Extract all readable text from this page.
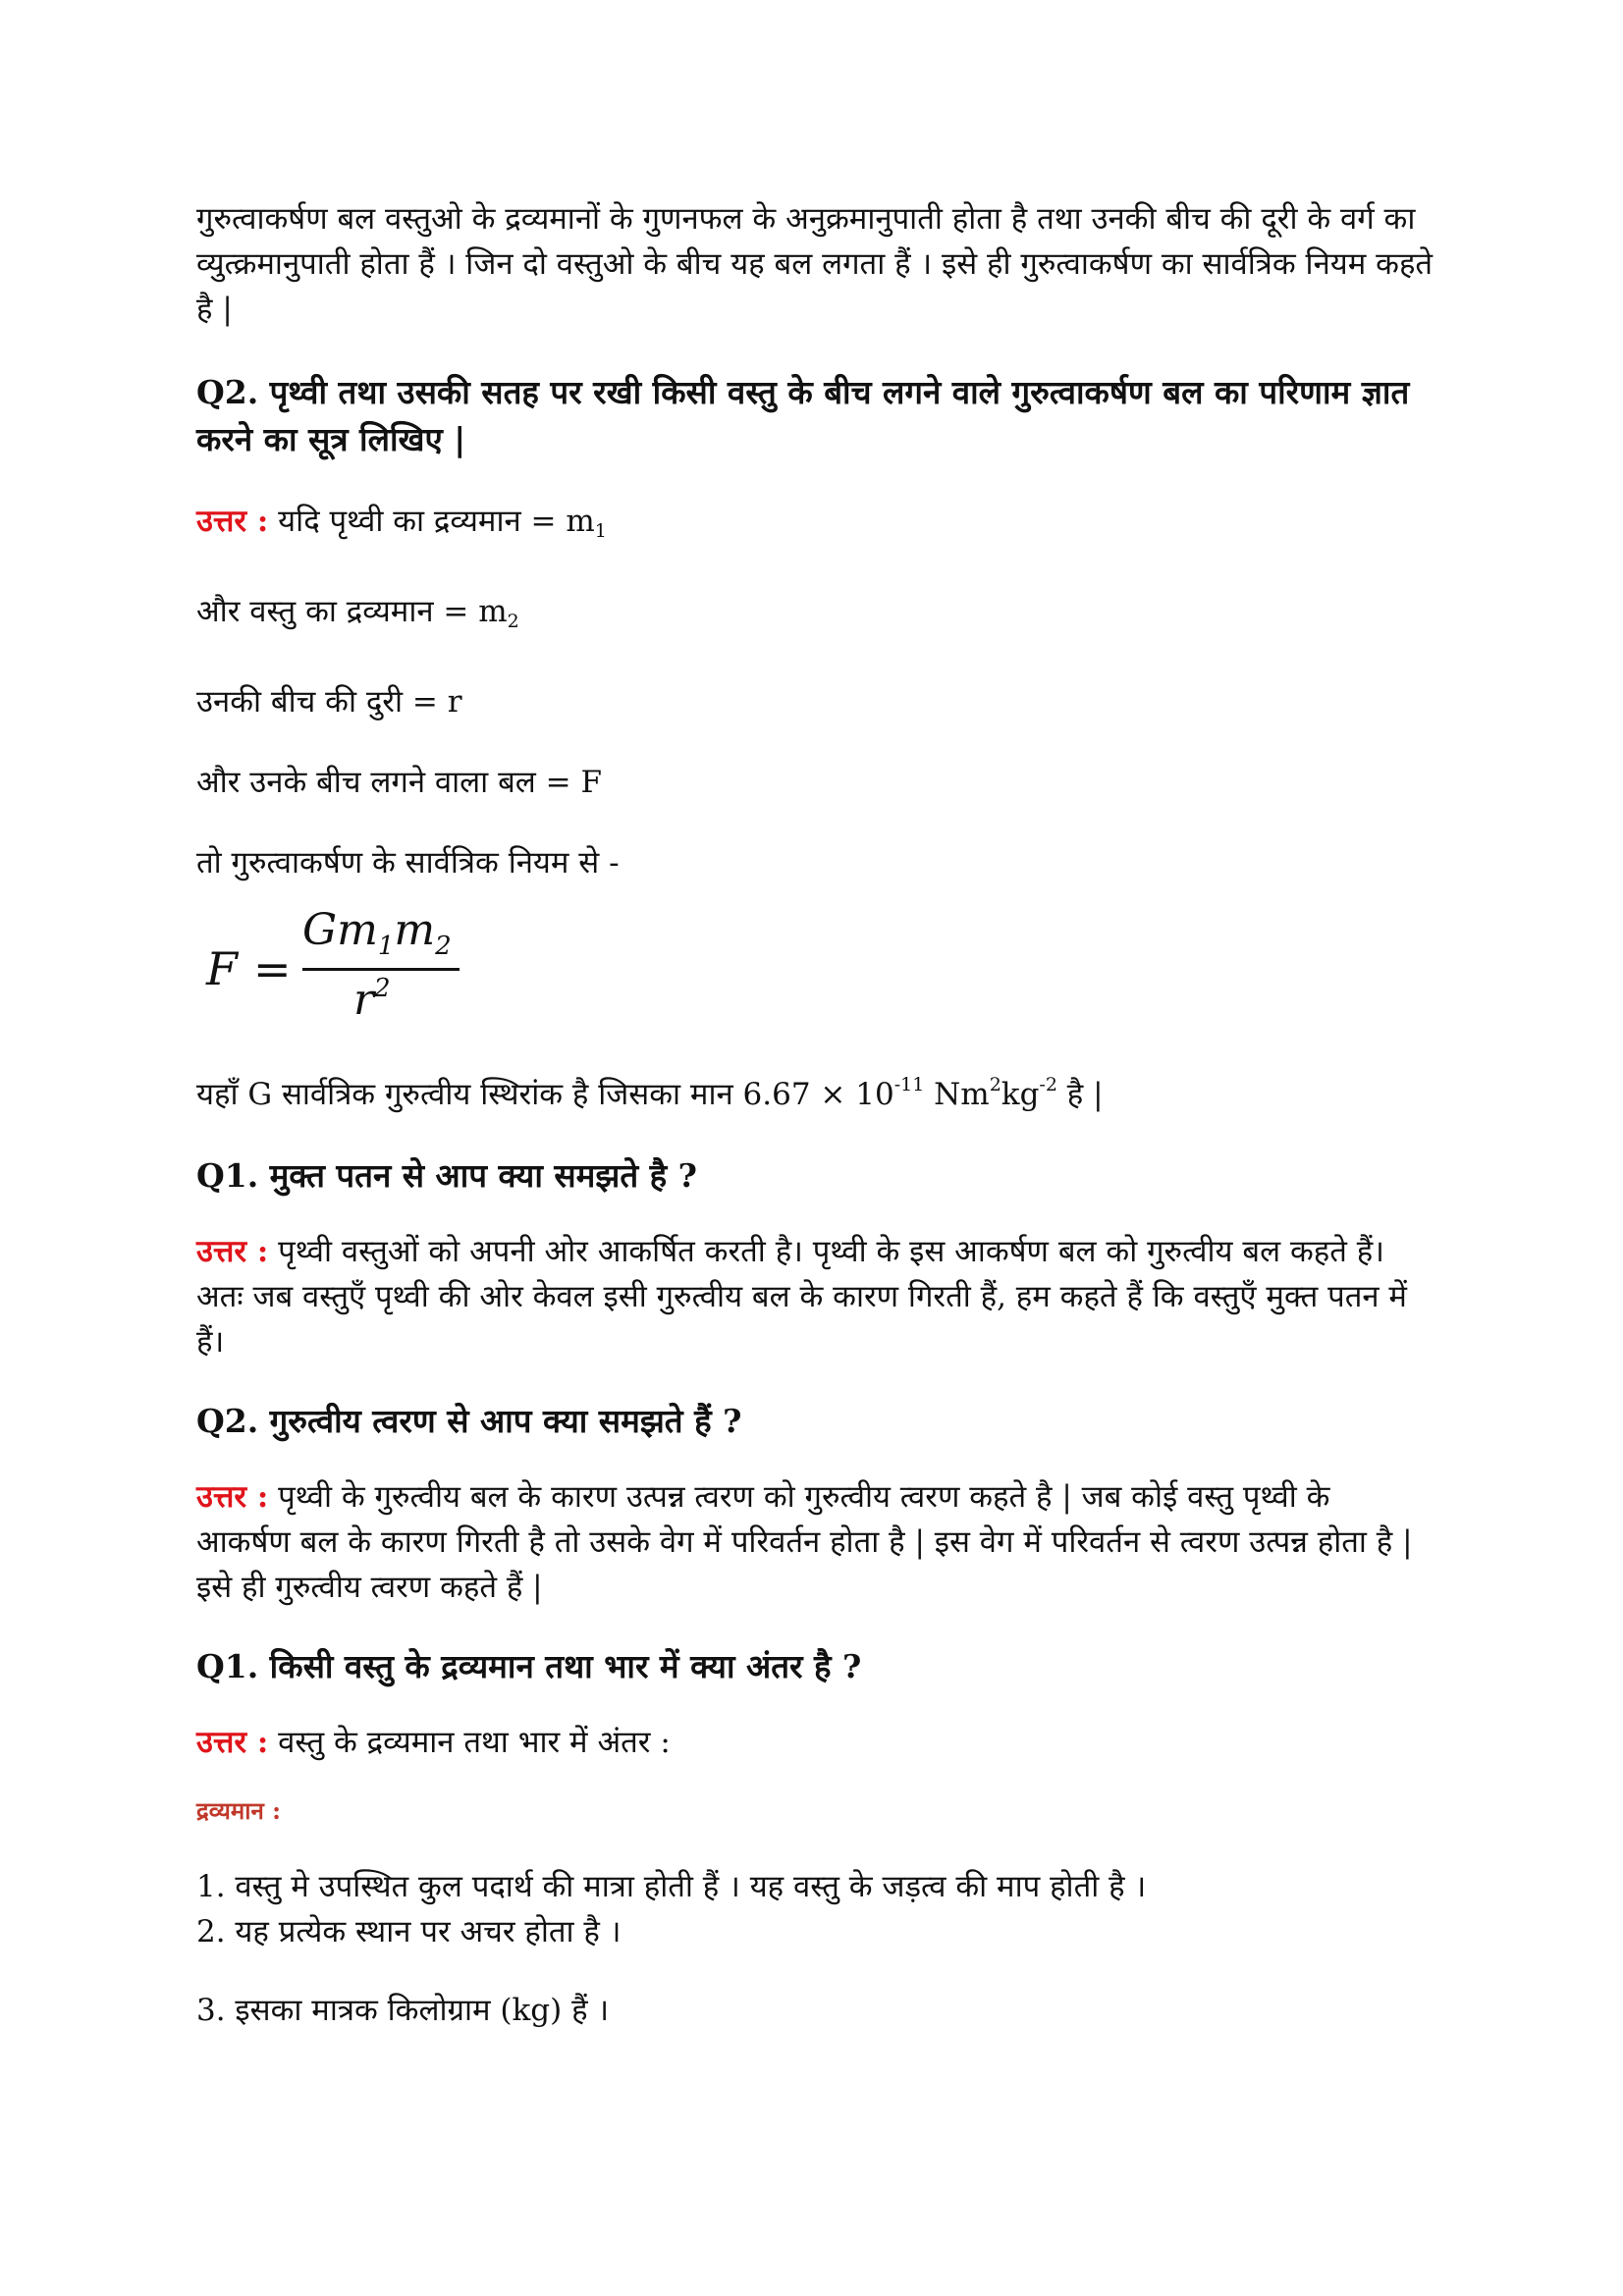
गुरुत्वाकर्षण बल वस्तुओ के द्रव्यमानों के गुणनफल के अनुक्रमानुपाती होता है तथा उनकी बीच की दूरी के वर्ग का व्युत्क्रमानुपाती होता हैं । जिन दो वस्तुओ के बीच यह बल लगता हैं । इसे ही गुरुत्वाकर्षण का सार्वत्रिक नियम कहते है |

Q2. पृथ्वी तथा उसकी सतह पर रखी किसी वस्तु के बीच लगने वाले गुरुत्वाकर्षण बल का परिणाम ज्ञात करने का सूत्र लिखिए |

उत्तर : यदि पृथ्वी का द्रव्यमान = $m_1$

और वस्तु का द्रव्यमान = $m_2$

उनकी बीच की दुरी = r

और उनके बीच लगने वाला बल = F

तो गुरुत्वाकर्षण के सार्वत्रिक नियम से -

F =
$Gm_1m_2$
$r^2$

यहाँ G सार्वत्रिक गुरुत्वीय स्थिरांक है जिसका मान $6.67 \times 10^{-11}$ $Nm^2kg^{-2}$ है |

Q1. मुक्त पतन से आप क्या समझते है ?

उत्तर : पृथ्वी वस्तुओं को अपनी ओर आकर्षित करती है। पृथ्वी के इस आकर्षण बल को गुरुत्वीय बल कहते हैं। अतः जब वस्तुएँ पृथ्वी की ओर केवल इसी गुरुत्वीय बल के कारण गिरती हैं, हम कहते हैं कि वस्तुएँ मुक्त पतन में हैं।

Q2. गुरुत्वीय त्वरण से आप क्या समझते हैं ?

उत्तर : पृथ्वी के गुरुत्वीय बल के कारण उत्पन्न त्वरण को गुरुत्वीय त्वरण कहते है | जब कोई वस्तु पृथ्वी के आकर्षण बल के कारण गिरती है तो उसके वेग में परिवर्तन होता है | इस वेग में परिवर्तन से त्वरण उत्पन्न होता है | इसे ही गुरुत्वीय त्वरण कहते हैं |

Q1. किसी वस्तु के द्रव्यमान तथा भार में क्या अंतर है ?

उत्तर : वस्तु के द्रव्यमान तथा भार में अंतर :

द्रव्यमान :

1. वस्तु मे उपस्थित कुल पदार्थ की मात्रा होती हैं । यह वस्तु के जड़त्व की माप होती है ।

2. यह प्रत्येक स्थान पर अचर होता है ।

3. इसका मात्रक किलोग्राम (kg) हैं ।
